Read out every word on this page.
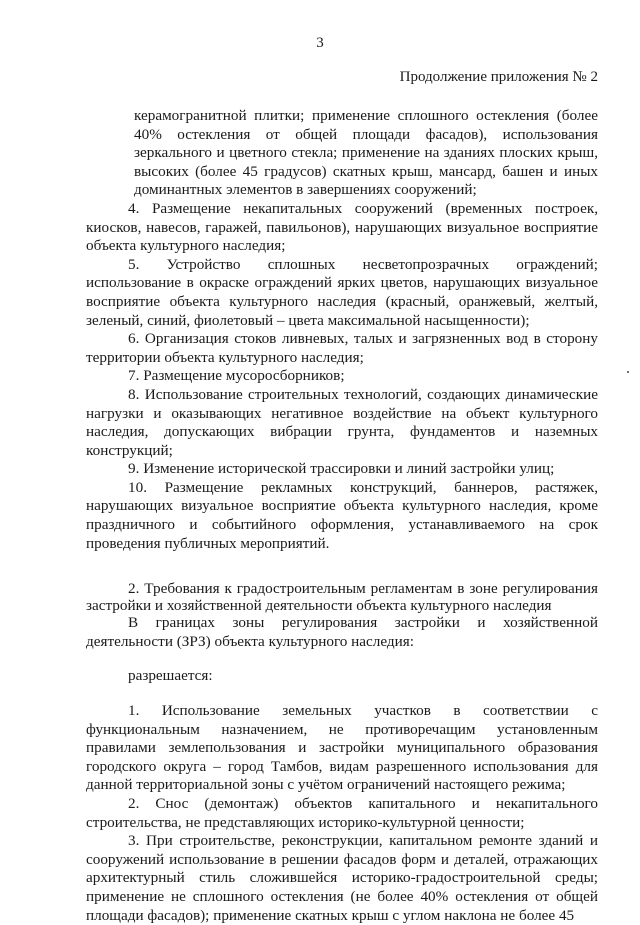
3
Продолжение приложения № 2

керамогранитной плитки; применение сплошного остекления (более 40% остекления от общей площади фасадов), использования зеркального и цветного стекла; применение на зданиях плоских крыш, высоких (более 45 градусов) скатных крыш, мансард, башен и иных доминантных элементов в завершениях сооружений;

4. Размещение некапитальных сооружений (временных построек, киосков, навесов, гаражей, павильонов), нарушающих визуальное восприятие объекта культурного наследия;

5. Устройство сплошных несветопрозрачных ограждений; использование в окраске ограждений ярких цветов, нарушающих визуальное восприятие объекта культурного наследия (красный, оранжевый, желтый, зеленый, синий, фиолетовый – цвета максимальной насыщенности);

6. Организация стоков ливневых, талых и загрязненных вод в сторону территории объекта культурного наследия;

7. Размещение мусоросборников;

8. Использование строительных технологий, создающих динамические нагрузки и оказывающих негативное воздействие на объект культурного наследия, допускающих вибрации грунта, фундаментов и наземных конструкций;

9. Изменение исторической трассировки и линий застройки улиц;

10. Размещение рекламных конструкций, баннеров, растяжек, нарушающих визуальное восприятие объекта культурного наследия, кроме праздничного и событийного оформления, устанавливаемого на срок проведения публичных мероприятий.

2. Требования к градостроительным регламентам в зоне регулирования застройки и хозяйственной деятельности объекта культурного наследия

В границах зоны регулирования застройки и хозяйственной деятельности (ЗРЗ) объекта культурного наследия:

разрешается:

1. Использование земельных участков в соответствии с функциональным назначением, не противоречащим установленным правилами землепользования и застройки муниципального образования городского округа – город Тамбов, видам разрешенного использования для данной территориальной зоны с учётом ограничений настоящего режима;

2. Снос (демонтаж) объектов капитального и некапитального строительства, не представляющих историко-культурной ценности;

3. При строительстве, реконструкции, капитальном ремонте зданий и сооружений использование в решении фасадов форм и деталей, отражающих архитектурный стиль сложившейся историко-градостроительной среды; применение не сплошного остекления (не более 40% остекления от общей площади фасадов); применение скатных крыш с углом наклона не более 45
